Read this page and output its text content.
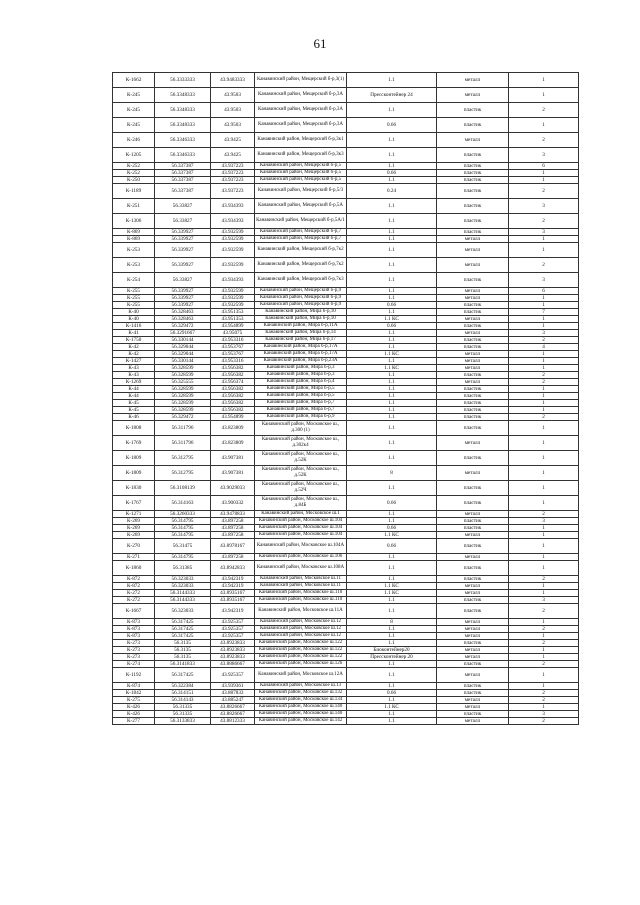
61
К-1662	56.3333333	43.9483333	Канавинский район, Мещерский б-р,3(1)	1.1	металл	1
К-245	56.3348333	43.9503	Канавинский район, Мещерский б-р,3А	Прессконтейнер 24	металл	1
К-245	56.3348333	43.9503	Канавинский район, Мещерский б-р,3А	1.1	пластик	2
К-245	56.3348333	43.9503	Канавинский район, Мещерский б-р,3А	0.66	пластик	1
К-246	56.3346333	43.9425	Канавинский район, Мещерский б-р,3к1	1.1	металл	2
К-1205	56.3346333	43.9425	Канавинский район, Мещерский б-р,3к3	1.1	пластик	3
К-252	56.337387	43.937223	Канавинский район, Мещерский б-р,5	1.1	пластик	6
К-252	56.337387	43.937223	Канавинский район, Мещерский б-р,5	0.66	пластик	1
К-250	56.337387	43.937223	Канавинский район, Мещерский б-р,5	1.1	пластик	1
К-1189	56.337387	43.937223	Канавинский район, Мещерский б-р,5/3	0.24	пластик	2
К-251	56.33827	43.934393	Канавинский район, Мещерский б-р,5А	1.1	пластик	3
К-1306	56.33827	43.934393	Канавинский район, Мещерский б-р,5А/1	1.1	пластик	2
К-869	56.339927	43.932599	Канавинский район, Мещерский б-р,7	1.1	пластик	3
К-869	56.339927	43.932599	Канавинский район, Мещерский б-р,7	1.1	металл	1
К-253	56.339927	43.932599	Канавинский район, Мещерский б-р,7к2	1.1	металл	1
К-253	56.339927	43.932599	Канавинский район, Мещерский б-р,7к2	1.1	металл	2
К-254	56.33827	43.934393	Канавинский район, Мещерский б-р,7к3	1.1	пластик	3
К-255	56.339927	43.932599	Канавинский район, Мещерский б-р,9	1.1	металл	6
К-255	56.339927	43.932599	Канавинский район, Мещерский б-р,9	1.1	металл	1
К-255	56.339927	43.932599	Канавинский район, Мещерский б-р,9	0.66	пластик	1
К-40	56.328463	43.951353	Канавинский район, Мира б-р,10	1.1	пластик	7
К-40	56.328463	43.951353	Канавинский район, Мира б-р,10	1.1 КС	металл	1
К-1416	56.329472	43.954899	Канавинский район, Мира б-р,11А	0.66	пластик	1
К-41	56.3291667	43.95075	Канавинский район, Мира б-р,14	1.1	металл	3
К-1750	56.330144	43.953316	Канавинский район, Мира б-р,17	1.1	пластик	2
К-42	56.329044	43.953767	Канавинский район, Мира б-р,17А	1.1	пластик	4
К-42	56.329044	43.953767	Канавинский район, Мира б-р,17А	1.1 КС	металл	1
К-1427	56.330144	43.953316	Канавинский район, Мира б-р,23А	1.1	металл	1
К-43	56.328599	43.956382	Канавинский район, Мира б-р,3	1.1 КС	металл	1
К-43	56.328599	43.956382	Канавинский район, Мира б-р,3	1.1	пластик	2
К-1269	56.325555	43.956374	Канавинский район, Мира б-р,4	1.1	металл	2
К-44	56.328599	43.956382	Канавинский район, Мира б-р,5	1.1	пластик	1
К-44	56.328599	43.956382	Канавинский район, Мира б-р,5	1.1	пластик	1
К-45	56.328599	43.956382	Канавинский район, Мира б-р,7	1.1	пластик	1
К-45	56.328599	43.956382	Канавинский район, Мира б-р,7	1.1	пластик	1
К-46	56.329472	43.954899	Канавинский район, Мира б-р,9	1.1	пластик	2
К-1808	56.311796	43.823809	Канавинский район, Московское ш., д.300 (1)	1.1	пластик	1
К-1769	56.311796	43.823809	Канавинский район, Московское ш., д.302к4	1.1	металл	1
К-1809	56.312795	43.907381	Канавинский район, Московское ш., д.52К	1.1	пластик	1
К-1809	56.312795	43.907381	Канавинский район, Московское ш., д.52К	8	металл	1
К-1830	56.3108139	43.9029033	Канавинский район, Московское ш., д.52Ч	1.1	пластик	1
К-1767	56.314163	43.900332	Канавинский район, Московское ш., д.84Б	0.66	пластик	1
К-1271	56.3260333	43.9478833	Канавинский район, Московское ш.1	1.1	металл	2
К-269	56.314795	43.897258	Канавинский район, Московское ш.104	1.1	пластик	3
К-269	56.314795	43.897258	Канавинский район, Московское ш.104	0.66	пластик	1
К-269	56.314795	43.897258	Канавинский район, Московское ш.104	1.1 КС	металл	1
К-270	56.31475	43.8978167	Канавинский район, Московское ш.104А	0.66	пластик	1
К-271	56.314795	43.897258	Канавинский район, Московское ш.106	1.1	металл	1
К-1860	56.31385	43.8942833	Канавинский район, Московское ш.108А	1.1	пластик	1
К-872	56.323033	43.942319	Канавинский район, Московское ш.11	1.1	пластик	2
К-872	56.323033	43.942319	Канавинский район, Московское ш.11	1.1 КС	металл	1
К-272	56.3144333	43.8935167	Канавинский район, Московское ш.110	1.1 КС	металл	1
К-272	56.3144333	43.8935167	Канавинский район, Московское ш.110	1.1	пластик	3
К-1667	56.323033	43.942319	Канавинский район, Московское ш.11А	1.1	пластик	2
К-873	56.317425	43.925357	Канавинский район, Московское ш.12	8	металл	1
К-873	56.317425	43.925357	Канавинский район, Московское ш.12	1.1	металл	2
К-873	56.317425	43.925357	Канавинский район, Московское ш.12	1.1	металл	1
К-273	56.3135	43.8923833	Канавинский район, Московское ш.122	1.1	пластик	2
К-273	56.3135	43.8923833	Канавинский район, Московское ш.122	Биоконтейнер20	металл	1
К-273	56.3135	43.8923833	Канавинский район, Московское ш.122	Прессконтейнер 20	металл	1
К-274	56.3141833	43.8886667	Канавинский район, Московское ш.126	1.1	пластик	2
К-1192	56.317425	43.925357	Канавинский район, Московское ш.12А	1.1	металл	1
К-874	56.322384	43.939361	Канавинский район, Московское ш.13	1.1	пластик	1
К-1842	56.314151	43.887833	Канавинский район, Московское ш.132	0.66	пластик	2
К-275	56.314143	43.885247	Канавинский район, Московское ш.134	1.1	металл	2
К-426	56.31335	43.8826667	Канавинский район, Московское ш.140	1.1 КС	металл	1
К-426	56.31335	43.8826667	Канавинский район, Московское ш.140	1.1	пластик	3
К-277	56.3133833	43.8812333	Канавинский район, Московское ш.142	1.1	металл	2
